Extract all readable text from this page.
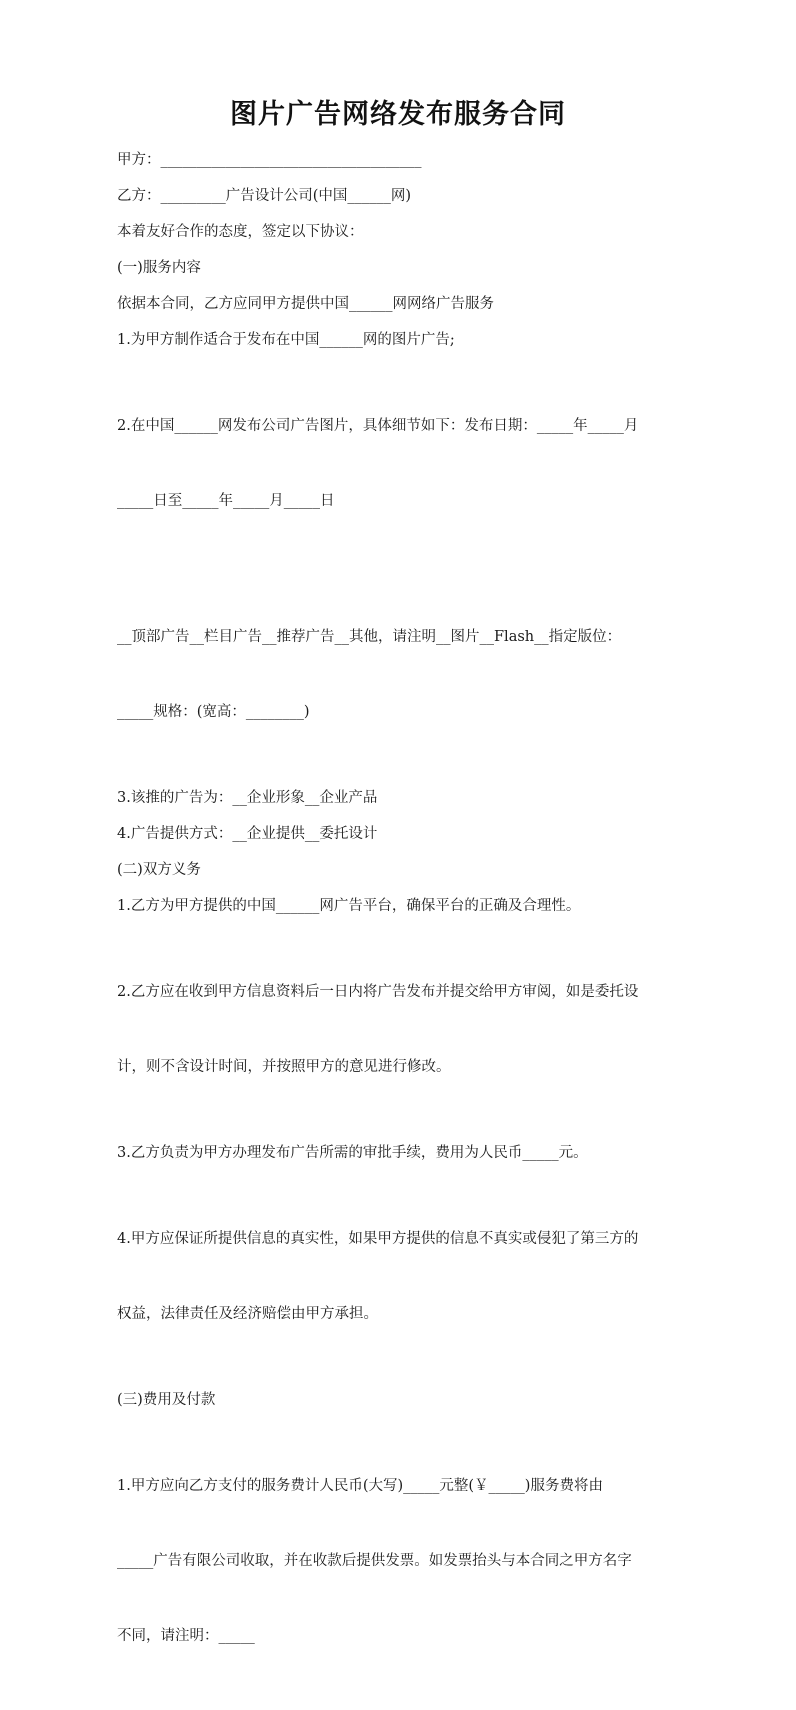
图片广告网络发布服务合同

甲方：____________________________________

乙方：_________广告设计公司(中国______网)

本着友好合作的态度，签定以下协议：

(一)服务内容

依据本合同，乙方应同甲方提供中国______网网络广告服务

1.为甲方制作适合于发布在中国______网的图片广告;

2.在中国______网发布公司广告图片，具体细节如下：发布日期：_____年_____月

_____日至_____年_____月_____日

__顶部广告__栏目广告__推荐广告__其他，请注明__图片__Flash__指定版位：

_____规格：(宽高：________)

3.该推的广告为：__企业形象__企业产品

4.广告提供方式：__企业提供__委托设计

(二)双方义务

1.乙方为甲方提供的中国______网广告平台，确保平台的正确及合理性。

2.乙方应在收到甲方信息资料后一日内将广告发布并提交给甲方审阅，如是委托设

计，则不含设计时间，并按照甲方的意见进行修改。

3.乙方负责为甲方办理发布广告所需的审批手续，费用为人民币_____元。

4.甲方应保证所提供信息的真实性，如果甲方提供的信息不真实或侵犯了第三方的

权益，法律责任及经济赔偿由甲方承担。

(三)费用及付款

1.甲方应向乙方支付的服务费计人民币(大写)_____元整(￥_____)服务费将由

_____广告有限公司收取，并在收款后提供发票。如发票抬头与本合同之甲方名字

不同，请注明：_____
